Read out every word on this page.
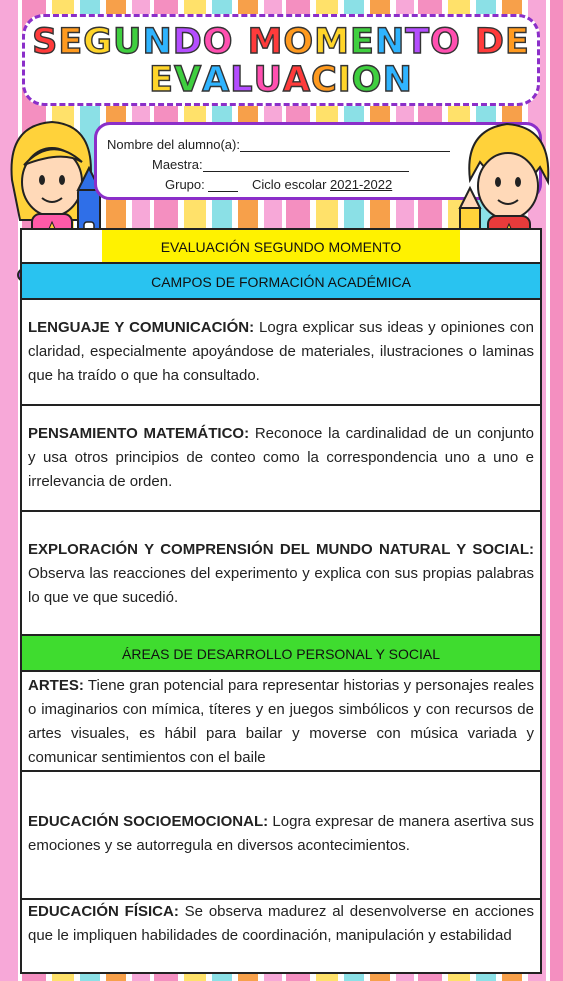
SEGUNDO MOMENTO DE
EVALUACION
Nombre del alumno(a):
Maestra:
Grupo:	Ciclo escolar 2021-2022
EVALUACIÓN SEGUNDO MOMENTO
CAMPOS DE FORMACIÓN ACADÉMICA
LENGUAJE Y COMUNICACIÓN: Logra explicar sus ideas y opiniones con claridad, especialmente apoyándose de materiales, ilustraciones o laminas que ha traído o que ha consultado.
PENSAMIENTO MATEMÁTICO: Reconoce la cardinalidad de un conjunto y usa otros principios de conteo como la correspondencia uno a uno e irrelevancia de orden.
EXPLORACIÓN Y COMPRENSIÓN DEL MUNDO NATURAL Y SOCIAL: Observa las reacciones del experimento y explica con sus propias palabras lo que ve que sucedió.
ÁREAS DE DESARROLLO PERSONAL Y SOCIAL
ARTES: Tiene gran potencial para representar historias y personajes reales o imaginarios con mímica, títeres y en juegos simbólicos y con recursos de artes visuales, es hábil para bailar y moverse con música variada y comunicar sentimientos con el baile
EDUCACIÓN SOCIOEMOCIONAL: Logra expresar de manera asertiva sus emociones y se autorregula en diversos acontecimientos.
EDUCACIÓN FÍSICA: Se observa madurez al desenvolverse en acciones que le impliquen habilidades de coordinación, manipulación y estabilidad
